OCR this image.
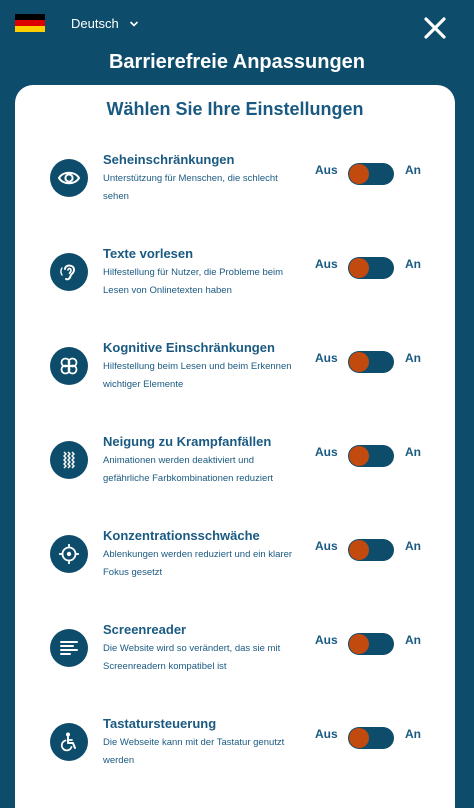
Deutsch
Barrierefreie Anpassungen
Wählen Sie Ihre Einstellungen
Seheinschränkungen
Unterstützung für Menschen, die schlecht
sehen
Aus	An
Texte vorlesen
Hilfestellung für Nutzer, die Probleme beim
Lesen von Onlinetexten haben
Aus	An
Kognitive Einschränkungen
Hilfestellung beim Lesen und beim Erkennen
wichtiger Elemente
Aus	An
Neigung zu Krampfanfällen
Animationen werden deaktiviert und
gefährliche Farbkombinationen reduziert
Aus	An
Konzentrationsschwäche
Ablenkungen werden reduziert und ein klarer
Fokus gesetzt
Aus	An
Screenreader
Die Website wird so verändert, das sie mit
Screenreadern kompatibel ist
Aus	An
Tastatursteuerung
Die Webseite kann mit der Tastatur genutzt
werden
Aus	An
